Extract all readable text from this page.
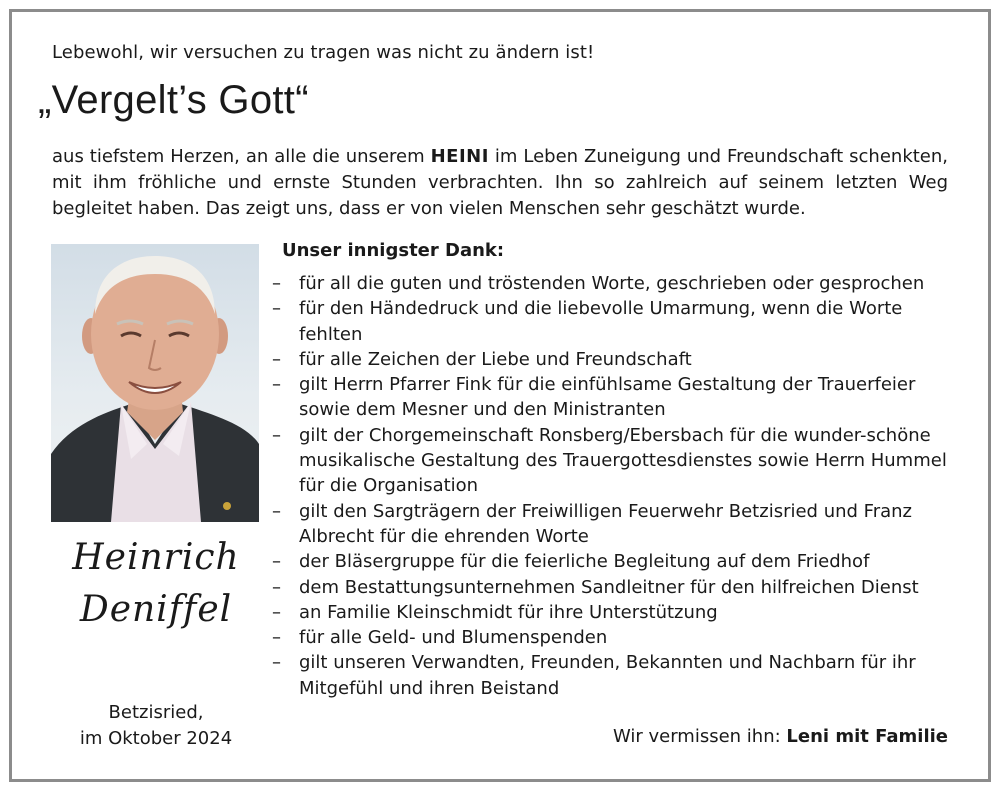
Lebewohl, wir versuchen zu tragen was nicht zu ändern ist!
„Vergelt’s Gott“
aus tiefstem Herzen, an alle die unserem HEINI im Leben Zuneigung und Freundschaft schenkten, mit ihm fröhliche und ernste Stunden verbrachten. Ihn so zahlreich auf seinem letzten Weg begleitet haben. Das zeigt uns, dass er von vielen Menschen sehr geschätzt wurde.
Heinrich
Deniffel
Betzisried,
im Oktober 2024
Unser innigster Dank:
– für all die guten und tröstenden Worte, geschrieben oder gesprochen
– für den Händedruck und die liebevolle Umarmung, wenn die Worte fehlten
– für alle Zeichen der Liebe und Freundschaft
– gilt Herrn Pfarrer Fink für die einfühlsame Gestaltung der Trauerfeier sowie dem Mesner und den Ministranten
– gilt der Chorgemeinschaft Ronsberg/Ebersbach für die wunder-schöne musikalische Gestaltung des Trauergottesdienstes sowie Herrn Hummel für die Organisation
– gilt den Sargträgern der Freiwilligen Feuerwehr Betzisried und Franz Albrecht für die ehrenden Worte
– der Bläsergruppe für die feierliche Begleitung auf dem Friedhof
– dem Bestattungsunternehmen Sandleitner für den hilfreichen Dienst
– an Familie Kleinschmidt für ihre Unterstützung
– für alle Geld- und Blumenspenden
– gilt unseren Verwandten, Freunden, Bekannten und Nachbarn für ihr Mitgefühl und ihren Beistand
Wir vermissen ihn: Leni mit Familie
